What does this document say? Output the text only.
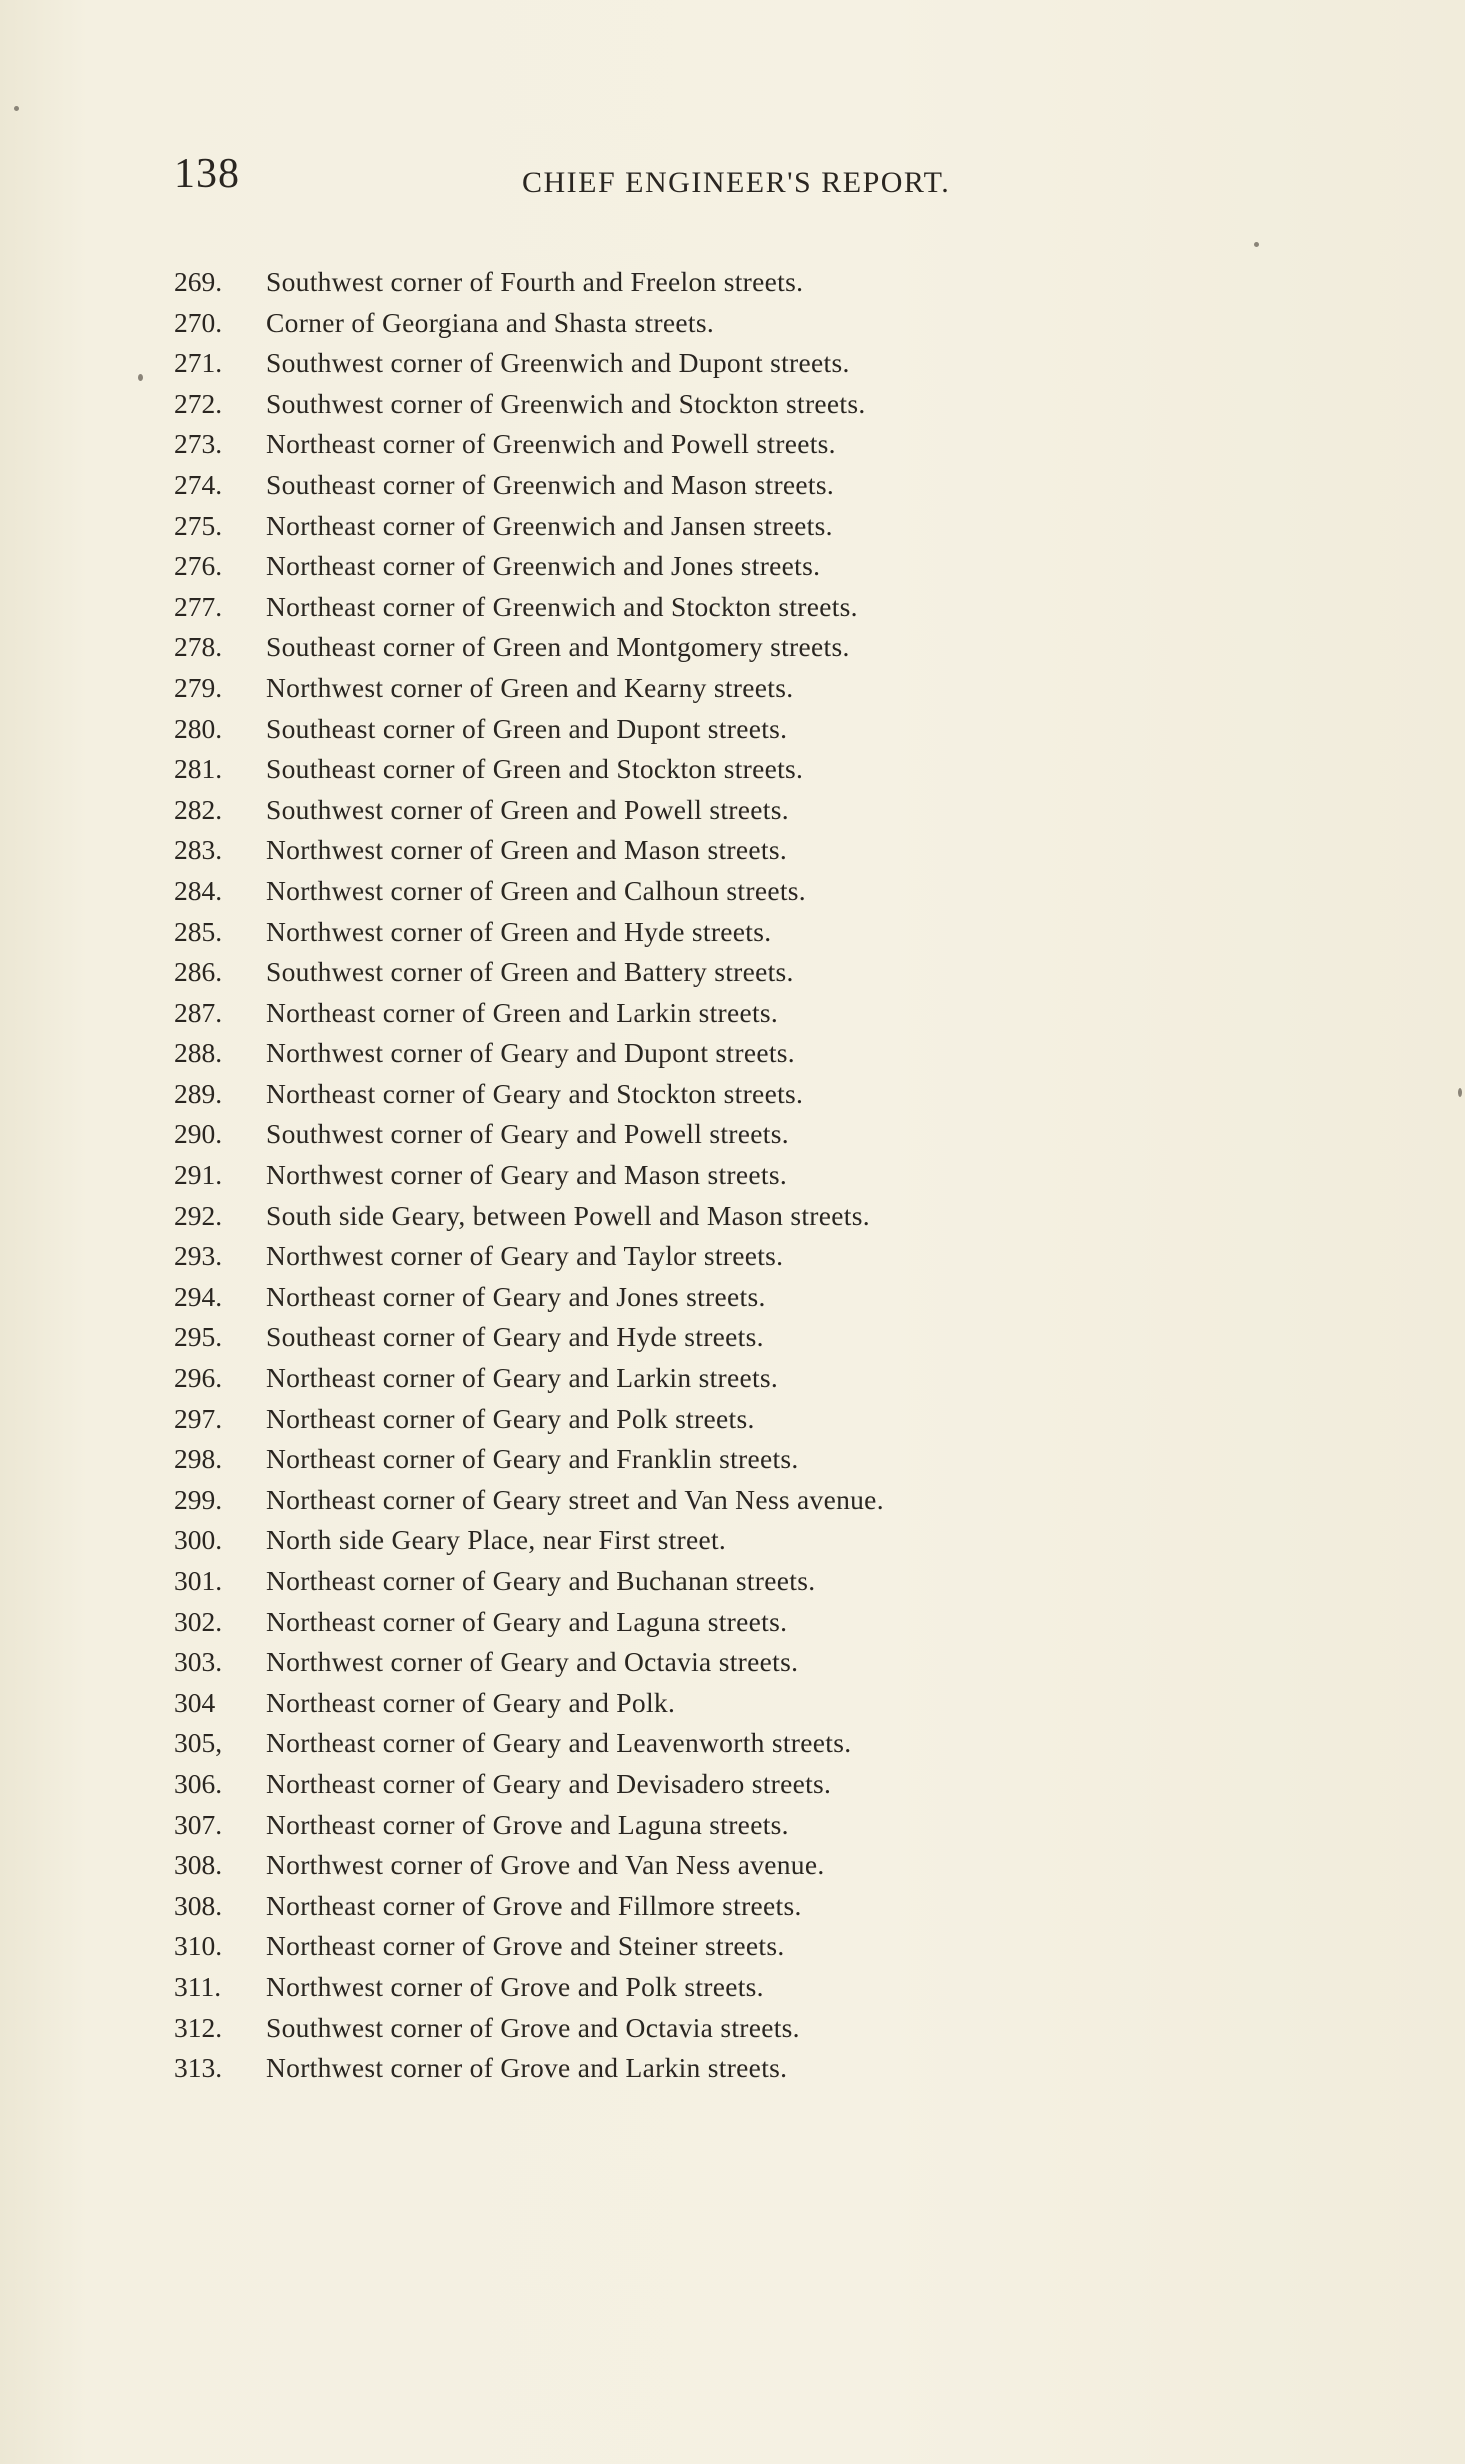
138	CHIEF ENGINEER'S REPORT.
269.	Southwest corner of Fourth and Freelon streets.
270.	Corner of Georgiana and Shasta streets.
271.	Southwest corner of Greenwich and Dupont streets.
272.	Southwest corner of Greenwich and Stockton streets.
273.	Northeast corner of Greenwich and Powell streets.
274.	Southeast corner of Greenwich and Mason streets.
275.	Northeast corner of Greenwich and Jansen streets.
276.	Northeast corner of Greenwich and Jones streets.
277.	Northeast corner of Greenwich and Stockton streets.
278.	Southeast corner of Green and Montgomery streets.
279.	Northwest corner of Green and Kearny streets.
280.	Southeast corner of Green and Dupont streets.
281.	Southeast corner of Green and Stockton streets.
282.	Southwest corner of Green and Powell streets.
283.	Northwest corner of Green and Mason streets.
284.	Northwest corner of Green and Calhoun streets.
285.	Northwest corner of Green and Hyde streets.
286.	Southwest corner of Green and Battery streets.
287.	Northeast corner of Green and Larkin streets.
288.	Northwest corner of Geary and Dupont streets.
289.	Northeast corner of Geary and Stockton streets.
290.	Southwest corner of Geary and Powell streets.
291.	Northwest corner of Geary and Mason streets.
292.	South side Geary, between Powell and Mason streets.
293.	Northwest corner of Geary and Taylor streets.
294.	Northeast corner of Geary and Jones streets.
295.	Southeast corner of Geary and Hyde streets.
296.	Northeast corner of Geary and Larkin streets.
297.	Northeast corner of Geary and Polk streets.
298.	Northeast corner of Geary and Franklin streets.
299.	Northeast corner of Geary street and Van Ness avenue.
300.	North side Geary Place, near First street.
301.	Northeast corner of Geary and Buchanan streets.
302.	Northeast corner of Geary and Laguna streets.
303.	Northwest corner of Geary and Octavia streets.
304	Northeast corner of Geary and Polk.
305,	Northeast corner of Geary and Leavenworth streets.
306.	Northeast corner of Geary and Devisadero streets.
307.	Northeast corner of Grove and Laguna streets.
308.	Northwest corner of Grove and Van Ness avenue.
308.	Northeast corner of Grove and Fillmore streets.
310.	Northeast corner of Grove and Steiner streets.
311.	Northwest corner of Grove and Polk streets.
312.	Southwest corner of Grove and Octavia streets.
313.	Northwest corner of Grove and Larkin streets.
